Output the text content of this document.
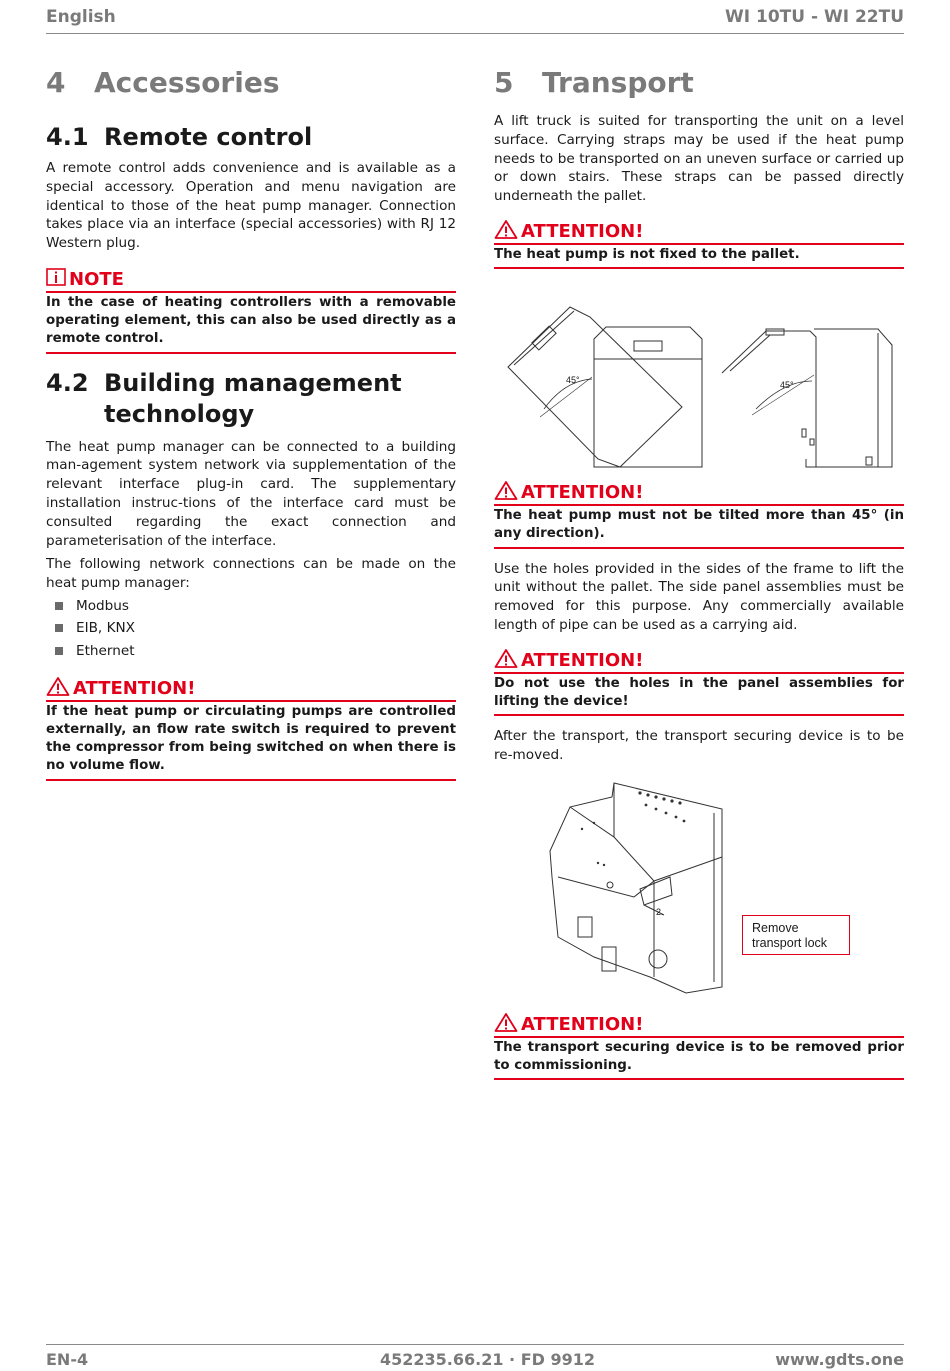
English	WI 10TU - WI 22TU
4 Accessories
4.1 Remote control

A remote control adds convenience and is available as a special accessory. Operation and menu navigation are identical to those of the heat pump manager. Connection takes place via an interface (special accessories) with RJ 12 Western plug.

NOTE
In the case of heating controllers with a removable operating element, this can also be used directly as a remote control.
4.2 Building management technology

The heat pump manager can be connected to a building man-agement system network via supplementation of the relevant interface plug-in card. The supplementary installation instruc-tions of the interface card must be consulted regarding the exact connection and parameterisation of the interface.

The following network connections can be made on the heat pump manager:

Modbus
EIB, KNX
Ethernet
ATTENTION!
If the heat pump or circulating pumps are controlled externally, an flow rate switch is required to prevent the compressor from being switched on when there is no volume flow.
5 Transport

A lift truck is suited for transporting the unit on a level surface. Carrying straps may be used if the heat pump needs to be transported on an uneven surface or carried up or down stairs. These straps can be passed directly underneath the pallet.

ATTENTION!
The heat pump is not fixed to the pallet.
45°	45°
ATTENTION!
The heat pump must not be tilted more than 45° (in any direction).

Use the holes provided in the sides of the frame to lift the unit without the pallet. The side panel assemblies must be removed for this purpose. Any commercially available length of pipe can be used as a carrying aid.

ATTENTION!
Do not use the holes in the panel assemblies for lifting the device!

After the transport, the transport securing device is to be re-moved.

2.
Remove
transport lock
ATTENTION!
The transport securing device is to be removed prior to commissioning.
EN-4	452235.66.21 · FD 9912	www.gdts.one
